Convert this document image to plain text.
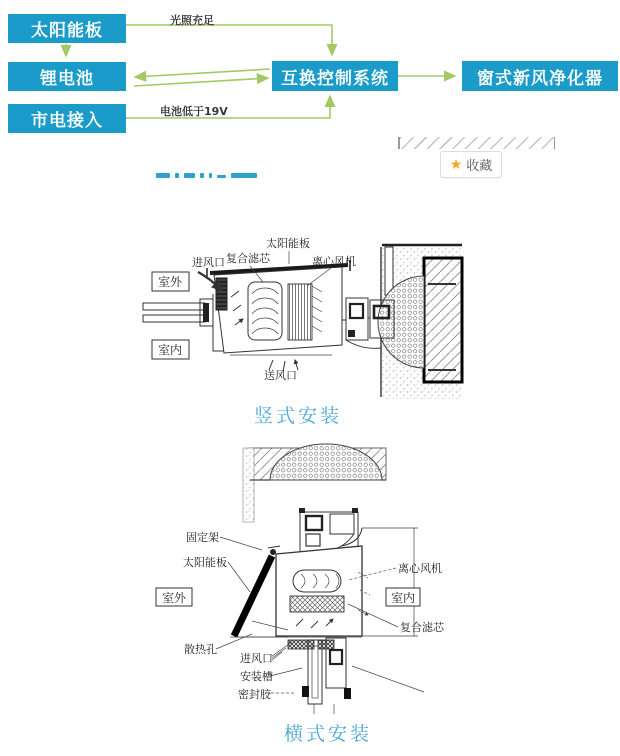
太阳能板
锂电池
市电接入
互换控制系统	窗式新风净化器
光照充足
电池低于19V
★ 收藏
进风口 复合滤芯
太阳能板
离心风机
送风口
室外
室内
竖式安装
固定架
太阳能板	离心风机
复合滤芯
散热孔
进风口
安装槽
密封胶
室外	室内
横式安装
